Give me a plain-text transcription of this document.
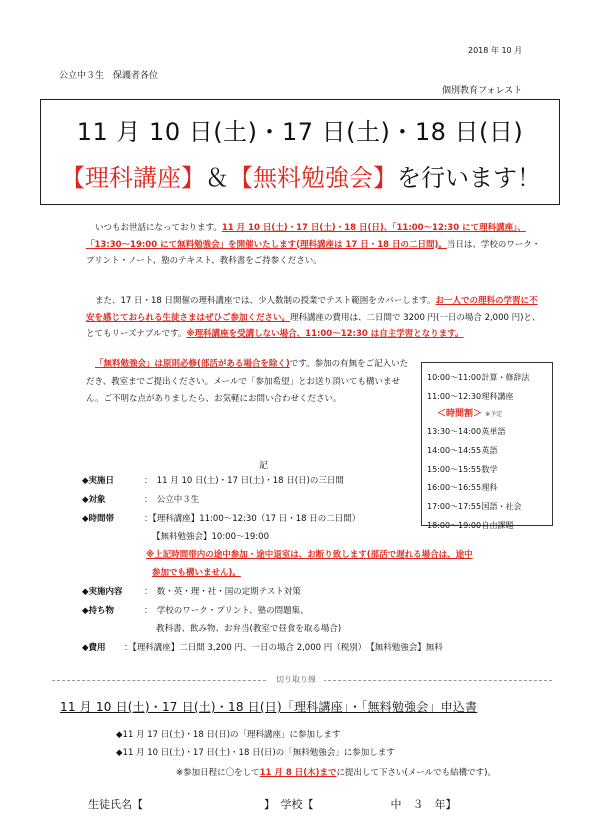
2018 年 10 月
公立中３生　保護者各位
個別教育フォレスト
11 月 10 日(土)・17 日(土)・18 日(日)
【理科講座】＆【無料勉強会】を行います！
いつもお世話になっております。11 月 10 日(土)・17 日(土)・18 日(日)、「11:00～12:30 にて理科講座」、「13:30～19:00 にて無料勉強会」を開催いたします(理科講座は 17 日・18 日の二日間)。当日は、学校のワーク・プリント・ノート、塾のテキスト、教科書をご持参ください。
また、17 日・18 日開催の理科講座では、少人数制の授業でテスト範囲をカバーします。お一人での理科の学習に不安を感じておられる生徒さまはぜひご参加ください。理科講座の費用は、二日間で 3200 円(一日の場合 2,000 円)と、とてもリーズナブルです。※理科講座を受講しない場合、11:00～12:30 は自主学習となります。
「無料勉強会」は原則必修(部活がある場合を除く)です。参加の有無をご記入いただき、教室までご提出ください。メールで「参加希望」とお送り頂いても構いません。ご不明な点がありましたら、お気軽にお問い合わせください。
10:00～11:00 計算・修辞法
11:00～12:30 理科講座
＜時間割＞ ※予定
13:30～14:00 英単語
14:00～14:55 英語
15:00～15:55 数学
16:00～16:55 理科
17:00～17:55 国語・社会
18:00～19:00 自由課題
記
◆実施日	：　11 月 10 日(土)・17 日(土)・18 日(日)の三日間
◆対象	：　公立中３生
◆時間帯	：【理科講座】11:00～12:30（17 日・18 日の二日間）
【無料勉強会】10:00～19:00
※上記時間帯内の途中参加・途中退室は、お断り致します(部活で遅れる場合は、途中
参加でも構いません)。
◆実施内容	：　数・英・理・社・国の定期テスト対策
◆持ち物	：　学校のワーク・プリント、塾の問題集、
教科書、飲み物、お弁当(教室で昼食を取る場合)
◆費用 ：【理科講座】二日間 3,200 円、一日の場合 2,000 円（税別）　【無料勉強会】無料
切り取り線
11 月 10 日(土)・17 日(土)・18 日(日)「理科講座」・「無料勉強会」申込書
◆11 月 17 日(土)・18 日(日)の「理科講座」に参加します
◆11 月 10 日(土)・17 日(土)・18 日(日)の「無料勉強会」に参加します
※参加日程に〇をして11 月 8 日(木)までに提出して下さい(メールでも結構です)。
生徒氏名【　　　　　　　　　　　】　学校【　　　　　　　中　３　年】
